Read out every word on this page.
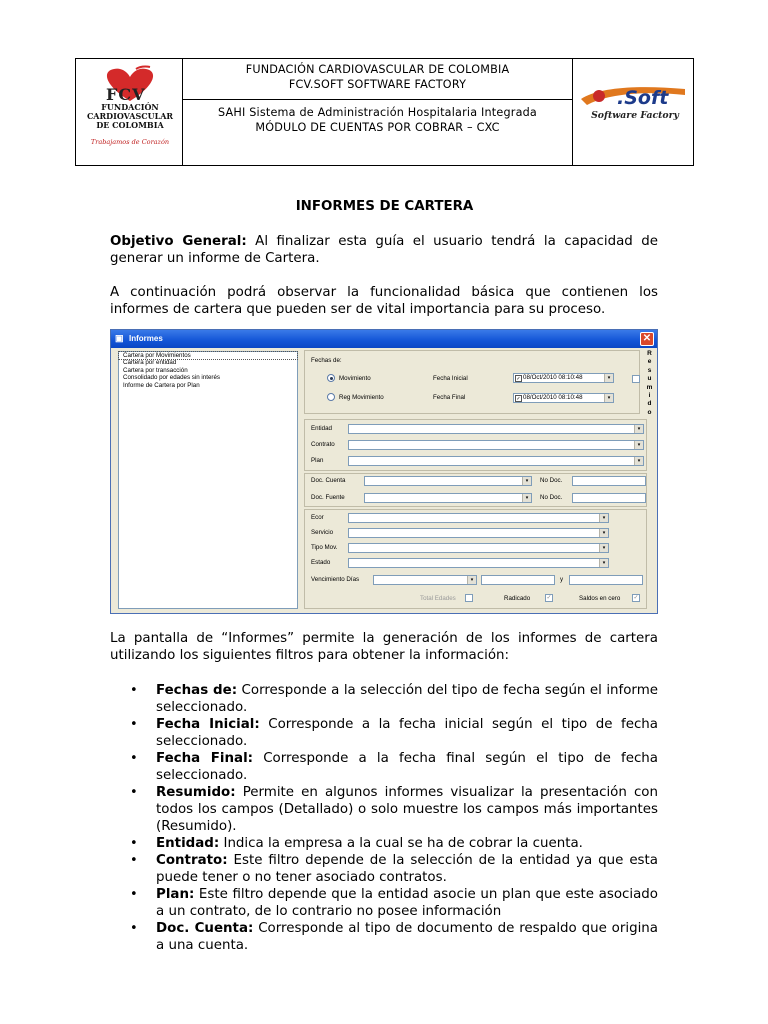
FCV
FUNDACIÓN
CARDIOVASCULAR
DE COLOMBIA
Trabajamos de Corazón
FUNDACIÓN CARDIOVASCULAR DE COLOMBIA
FCV.SOFT SOFTWARE FACTORY
SAHI Sistema de Administración Hospitalaria Integrada
MÓDULO DE CUENTAS POR COBRAR – CXC
.Soft
Software Factory
INFORMES DE CARTERA
Objetivo General: Al finalizar esta guía el usuario tendrá la capacidad de generar un informe de Cartera.
A continuación podrá observar la funcionalidad básica que contienen los informes de cartera que pueden ser de vital importancia para su proceso.
▣ Informes	✕
Cartera por Movimientos
Cartera por entidad
Cartera por transacción
Consolidado por edades sin interés
Informe de Cartera por Plan
Fechas de:
Movimiento
Reg Movimiento
Fecha Inicial
Fecha Final
✓ 08/Oct/2010 08:10:48	▾
✓ 08/Oct/2010 08:10:48	▾
R
e
s
u
m
i
d
o
Entidad	▾
Contrato	▾
Plan	▾
Doc. Cuenta	▾	No Doc.
Doc. Fuente	▾	No Doc.
Ecor	▾
Servicio	▾
Tipo Mov.	▾
Estado	▾
Vencimiento Días	▾	y
Total Edades	Radicado	✓	Saldos en cero ✓
La pantalla de “Informes” permite la generación de los informes de cartera utilizando los siguientes filtros para obtener la información:
• Fechas de: Corresponde a la selección del tipo de fecha según el informe seleccionado.
• Fecha Inicial: Corresponde a la fecha inicial según el tipo de fecha seleccionado.
• Fecha Final: Corresponde a la fecha final según el tipo de fecha seleccionado.
• Resumido: Permite en algunos informes visualizar la presentación con todos los campos (Detallado) o solo muestre los campos más importantes (Resumido).
• Entidad: Indica la empresa a la cual se ha de cobrar la cuenta.
• Contrato: Este filtro depende de la selección de la entidad ya que esta puede tener o no tener asociado contratos.
• Plan: Este filtro depende que la entidad asocie un plan que este asociado a un contrato, de lo contrario no posee información
• Doc. Cuenta: Corresponde al tipo de documento de respaldo que origina a una cuenta.
